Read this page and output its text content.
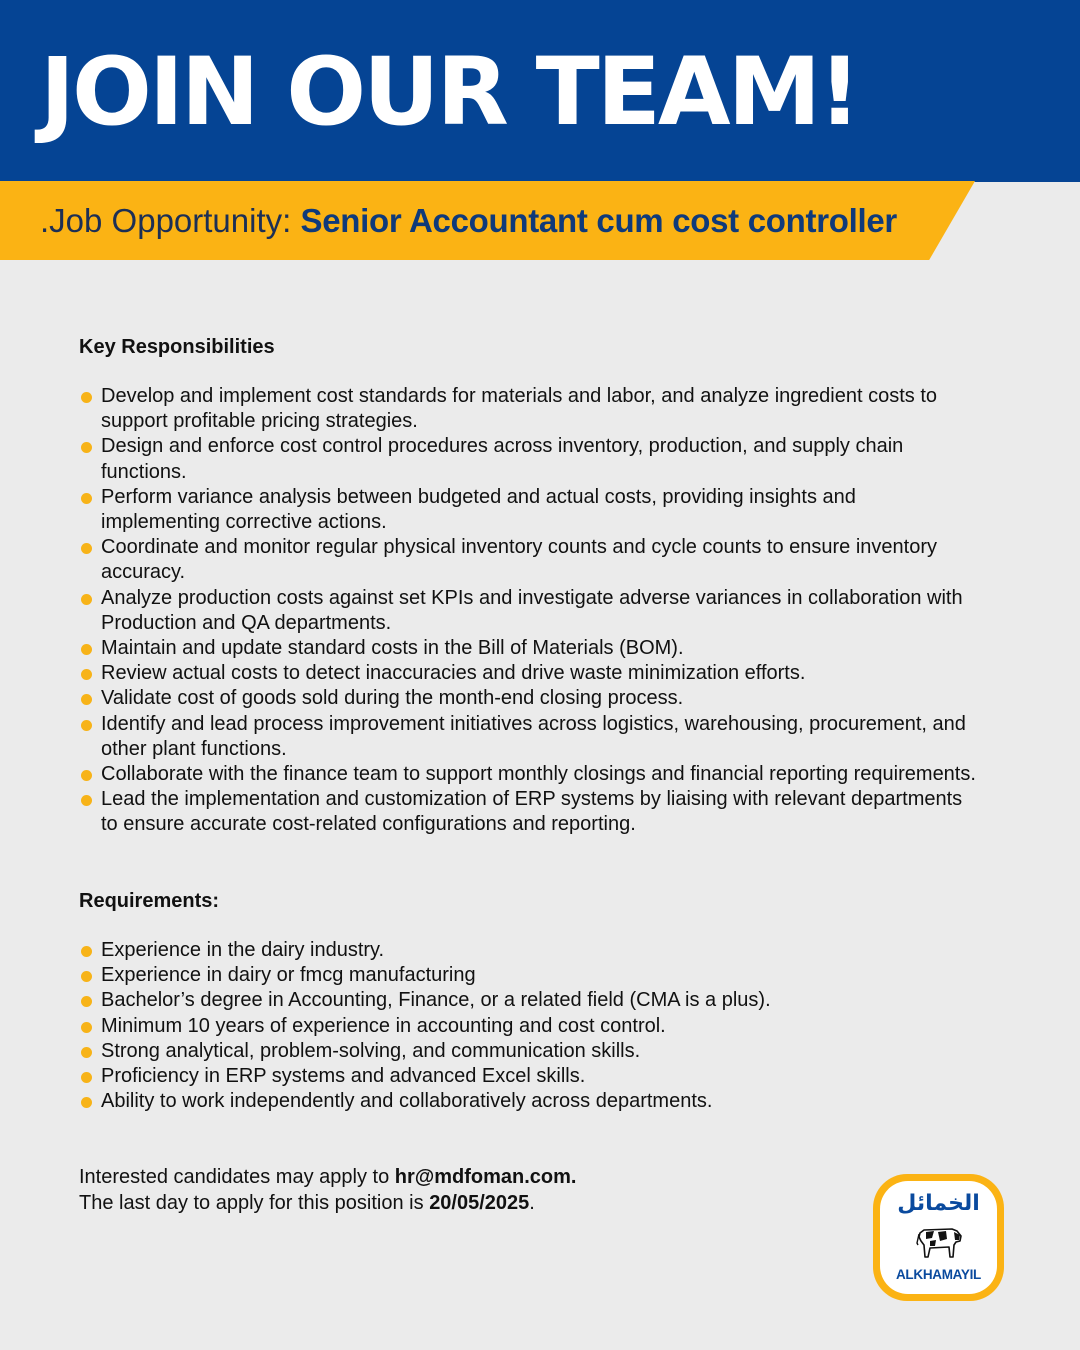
JOIN OUR TEAM!
.Job Opportunity: Senior Accountant cum cost controller
Key Responsibilities
Develop and implement cost standards for materials and labor, and analyze ingredient costs to support profitable pricing strategies.
Design and enforce cost control procedures across inventory, production, and supply chain functions.
Perform variance analysis between budgeted and actual costs, providing insights and implementing corrective actions.
Coordinate and monitor regular physical inventory counts and cycle counts to ensure inventory accuracy.
Analyze production costs against set KPIs and investigate adverse variances in collaboration with Production and QA departments.
Maintain and update standard costs in the Bill of Materials (BOM).
Review actual costs to detect inaccuracies and drive waste minimization efforts.
Validate cost of goods sold during the month-end closing process.
Identify and lead process improvement initiatives across logistics, warehousing, procurement, and other plant functions.
Collaborate with the finance team to support monthly closings and financial reporting requirements.
Lead the implementation and customization of ERP systems by liaising with relevant departments to ensure accurate cost-related configurations and reporting.
Requirements:
Experience in the dairy industry.
Experience in dairy or fmcg manufacturing
Bachelor’s degree in Accounting, Finance, or a related field (CMA is a plus).
Minimum 10 years of experience in accounting and cost control.
Strong analytical, problem-solving, and communication skills.
Proficiency in ERP systems and advanced Excel skills.
Ability to work independently and collaboratively across departments.
Interested candidates may apply to hr@mdfoman.com.
The last day to apply for this position is 20/05/2025.	الخمائل
ALKHAMAYIL
